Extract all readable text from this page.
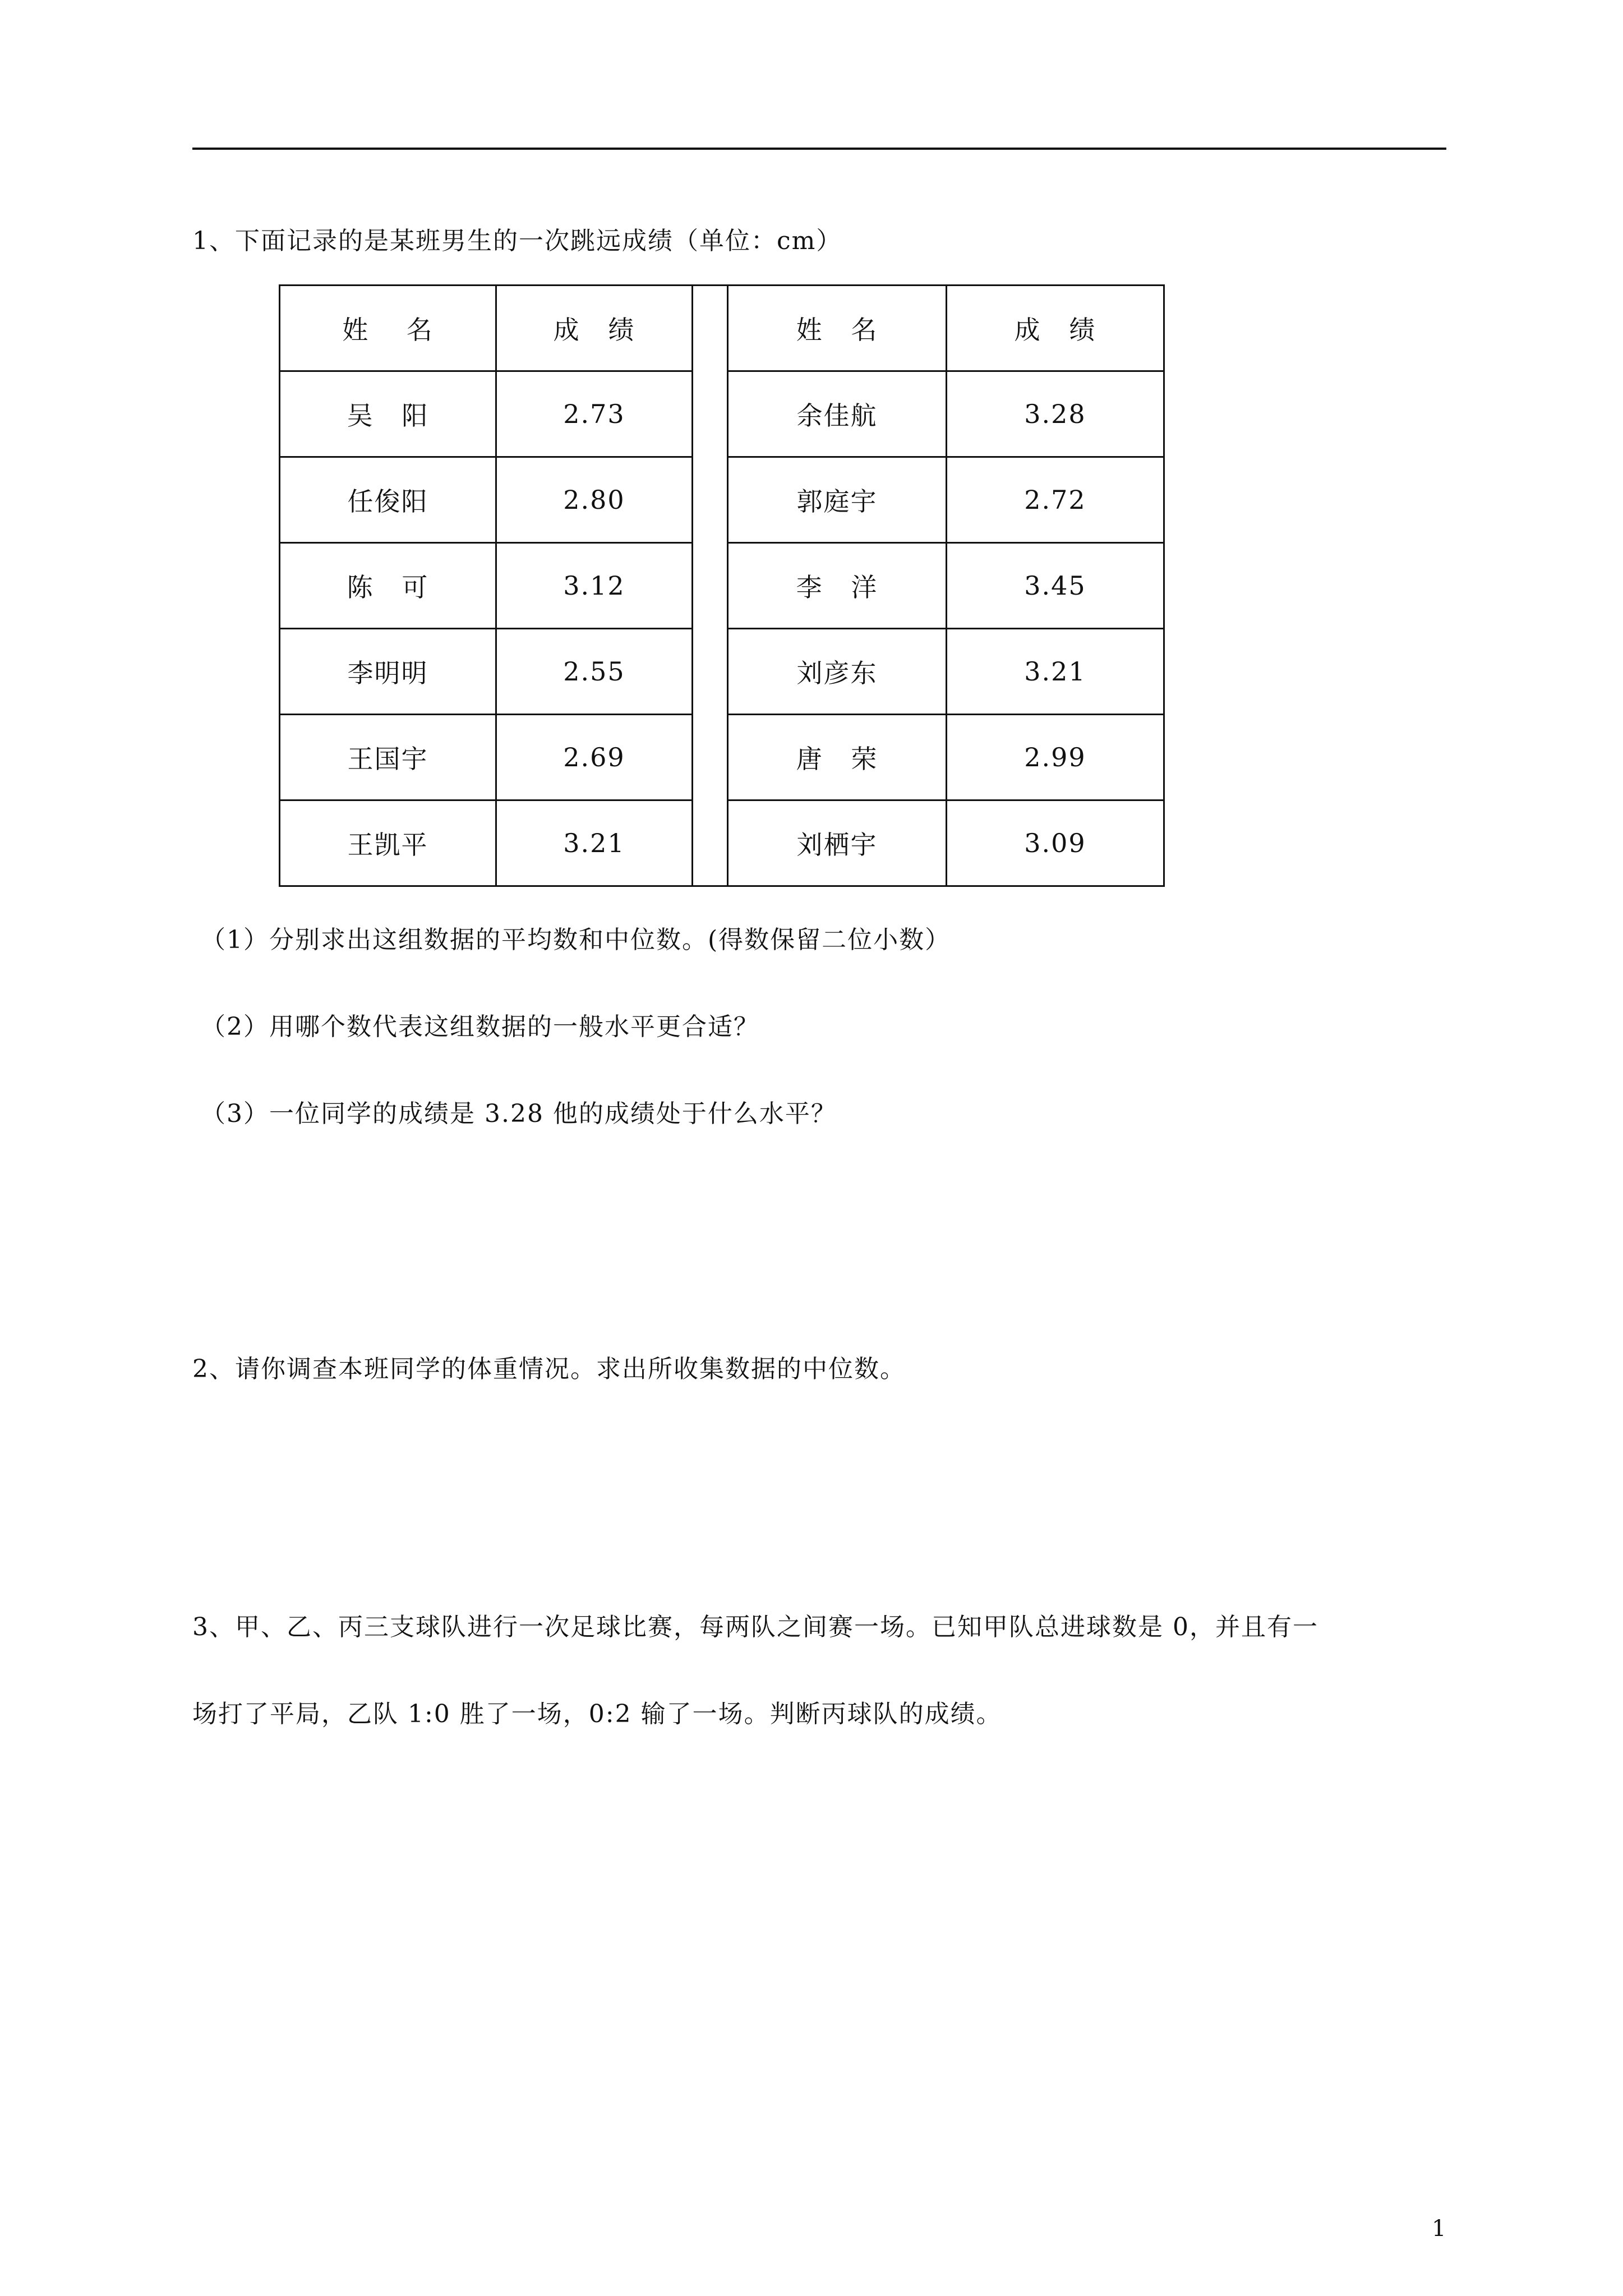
1、下面记录的是某班男生的一次跳远成绩（单位：cm）
姓    名	成   绩		姓   名	成   绩
吴   阳	2.73		余佳航	3.28
任俊阳	2.80		郭庭宇	2.72
陈   可	3.12		李   洋	3.45
李明明	2.55		刘彦东	3.21
王国宇	2.69		唐   荣	2.99
王凯平	3.21		刘栖宇	3.09
（1）分别求出这组数据的平均数和中位数。(得数保留二位小数）
（2）用哪个数代表这组数据的一般水平更合适？
（3）一位同学的成绩是 3.28 他的成绩处于什么水平？
2、请你调查本班同学的体重情况。求出所收集数据的中位数。
3、甲、乙、丙三支球队进行一次足球比赛，每两队之间赛一场。已知甲队总进球数是 0，并且有一
场打了平局，乙队 1:0 胜了一场，0:2 输了一场。判断丙球队的成绩。
1
